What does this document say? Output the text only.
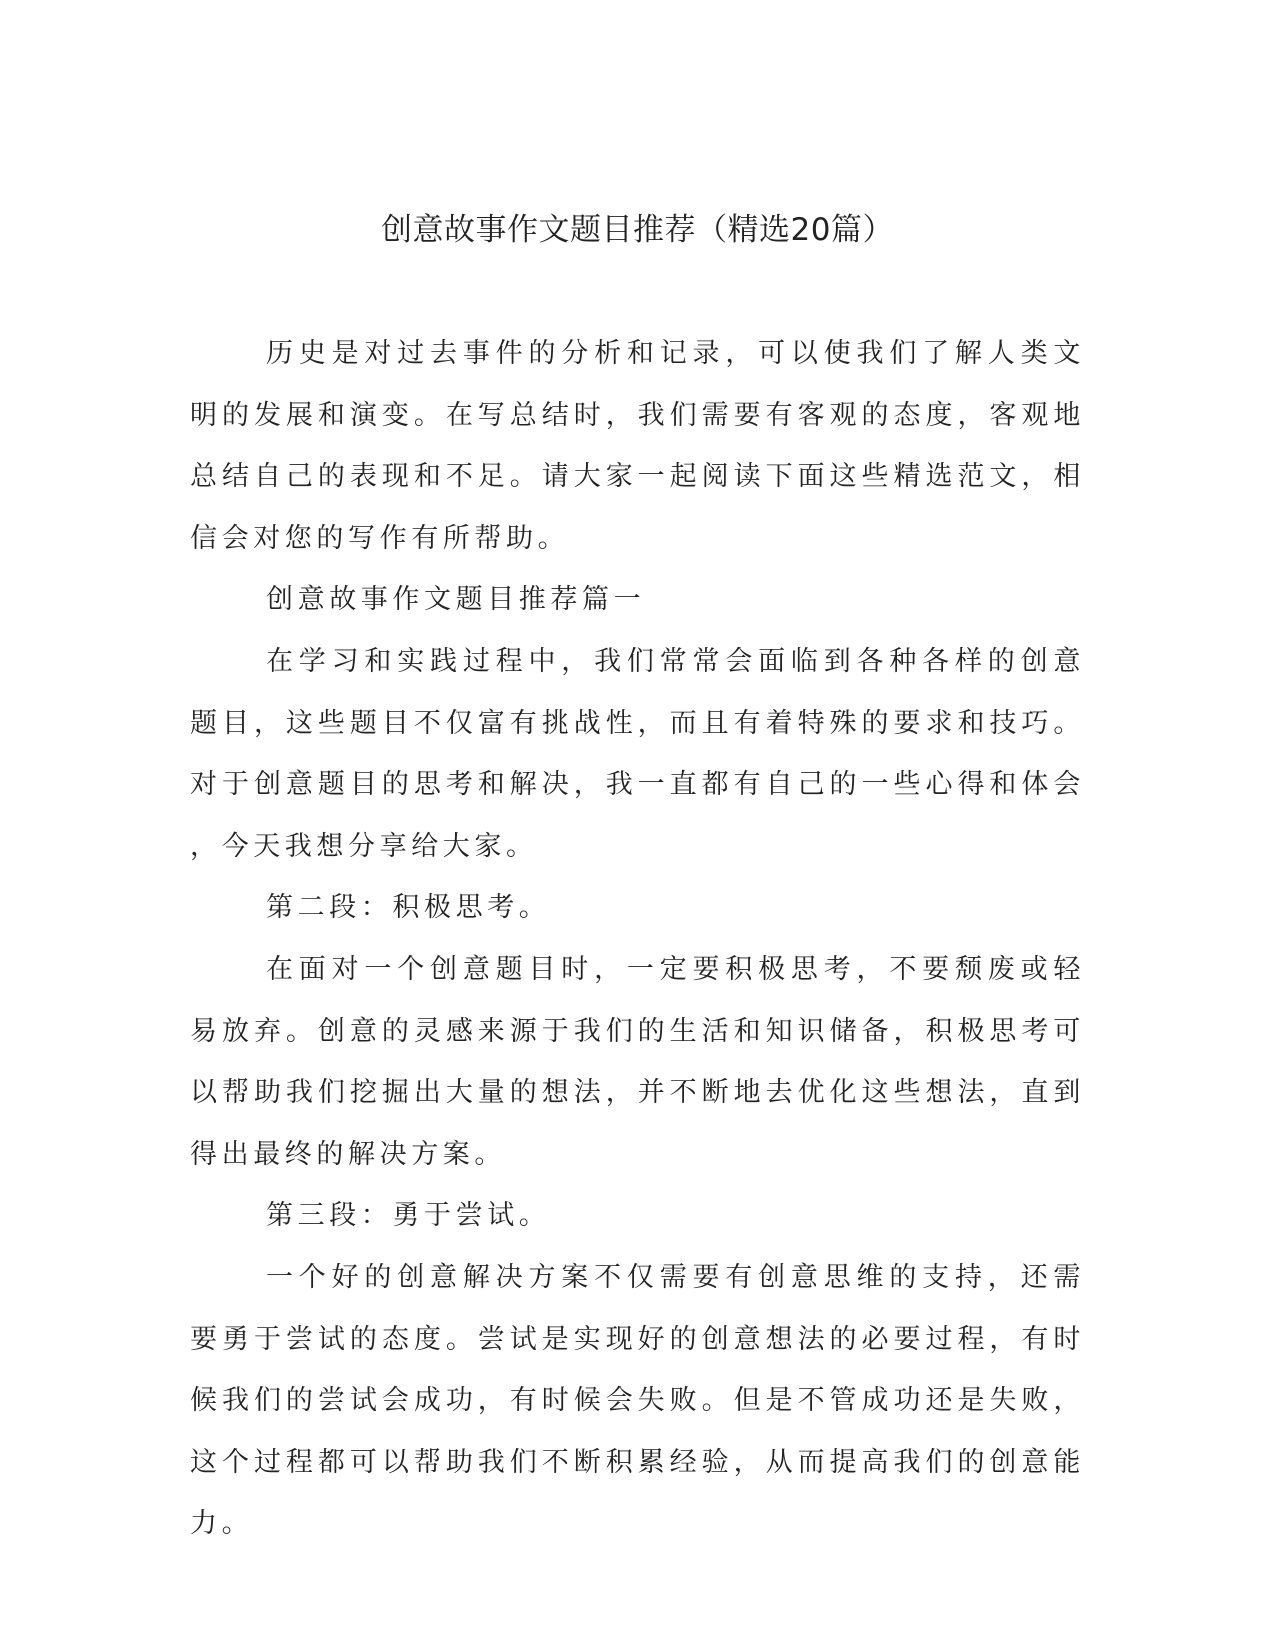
创意故事作文题目推荐（精选20篇）

历史是对过去事件的分析和记录，可以使我们了解人类文明的发展和演变。在写总结时，我们需要有客观的态度，客观地总结自己的表现和不足。请大家一起阅读下面这些精选范文，相信会对您的写作有所帮助。

创意故事作文题目推荐篇一

在学习和实践过程中，我们常常会面临到各种各样的创意题目，这些题目不仅富有挑战性，而且有着特殊的要求和技巧。对于创意题目的思考和解决，我一直都有自己的一些心得和体会，今天我想分享给大家。

第二段：积极思考。

在面对一个创意题目时，一定要积极思考，不要颓废或轻易放弃。创意的灵感来源于我们的生活和知识储备，积极思考可以帮助我们挖掘出大量的想法，并不断地去优化这些想法，直到得出最终的解决方案。

第三段：勇于尝试。

一个好的创意解决方案不仅需要有创意思维的支持，还需要勇于尝试的态度。尝试是实现好的创意想法的必要过程，有时候我们的尝试会成功，有时候会失败。但是不管成功还是失败，这个过程都可以帮助我们不断积累经验，从而提高我们的创意能力。
